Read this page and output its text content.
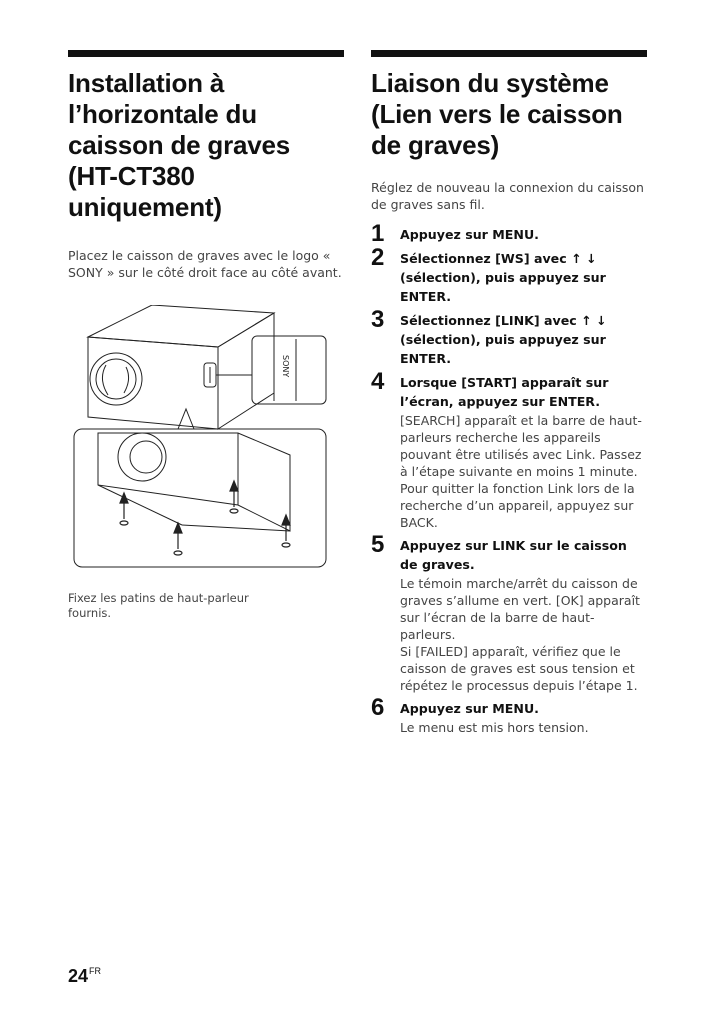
Installation à l’horizontale du caisson de graves (HT-CT380 uniquement)

Placez le caisson de graves avec le logo « SONY » sur le côté droit face au côté avant.

SONY
Fixez les patins de haut-parleur fournis.
Liaison du système (Lien vers le caisson de graves)

Réglez de nouveau la connexion du caisson de graves sans fil.

1 Appuyez sur MENU.
2 Sélectionnez [WS] avec ↑ ↓ (sélection), puis appuyez sur ENTER.
3 Sélectionnez [LINK] avec ↑ ↓ (sélection), puis appuyez sur ENTER.
4 Lorsque [START] apparaît sur l’écran, appuyez sur ENTER.

[SEARCH] apparaît et la barre de haut-parleurs recherche les appareils pouvant être utilisés avec Link. Passez à l’étape suivante en moins 1 minute.

Pour quitter la fonction Link lors de la recherche d’un appareil, appuyez sur BACK.

5 Appuyez sur LINK sur le caisson de graves.

Le témoin marche/arrêt du caisson de graves s’allume en vert. [OK] apparaît sur l’écran de la barre de haut-parleurs.

Si [FAILED] apparaît, vérifiez que le caisson de graves est sous tension et répétez le processus depuis l’étape 1.

6 Appuyez sur MENU.

Le menu est mis hors tension.

$24^{FR}$
